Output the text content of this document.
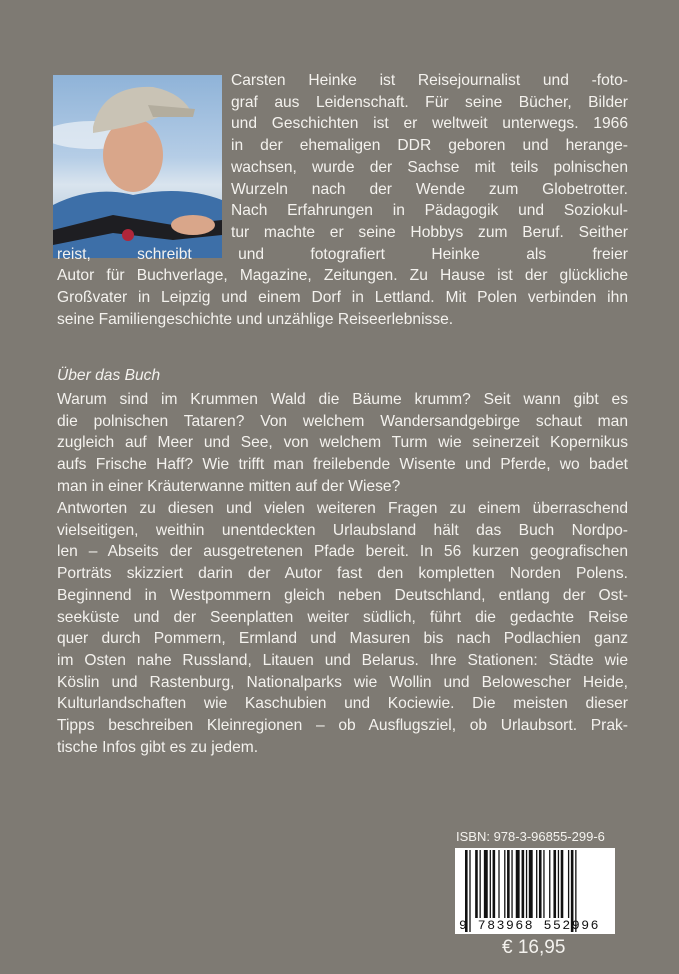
Carsten Heinke ist Reisejournalist und -foto-
graf aus Leidenschaft. Für seine Bücher, Bilder
und Geschichten ist er weltweit unterwegs. 1966
in der ehemaligen DDR geboren und herange-
wachsen, wurde der Sachse mit teils polnischen
Wurzeln nach der Wende zum Globetrotter.
Nach Erfahrungen in Pädagogik und Soziokul-
tur machte er seine Hobbys zum Beruf. Seither
reist, schreibt und fotografiert Heinke als freier
Autor für Buchverlage, Magazine, Zeitungen. Zu Hause ist der glückliche
Großvater in Leipzig und einem Dorf in Lettland. Mit Polen verbinden ihn
seine Familiengeschichte und unzählige Reiseerlebnisse.
Über das Buch
Warum sind im Krummen Wald die Bäume krumm? Seit wann gibt es
die polnischen Tataren? Von welchem Wandersandgebirge schaut man
zugleich auf Meer und See, von welchem Turm wie seinerzeit Kopernikus
aufs Frische Haff? Wie trifft man freilebende Wisente und Pferde, wo badet
man in einer Kräuterwanne mitten auf der Wiese?
Antworten zu diesen und vielen weiteren Fragen zu einem überraschend
vielseitigen, weithin unentdeckten Urlaubsland hält das Buch Nordpo-
len – Abseits der ausgetretenen Pfade bereit. In 56 kurzen geografischen
Porträts skizziert darin der Autor fast den kompletten Norden Polens.
Beginnend in Westpommern gleich neben Deutschland, entlang der Ost-
seeküste und der Seenplatten weiter südlich, führt die gedachte Reise
quer durch Pommern, Ermland und Masuren bis nach Podlachien ganz
im Osten nahe Russland, Litauen und Belarus. Ihre Stationen: Städte wie
Köslin und Rastenburg, Nationalparks wie Wollin und Belowescher Heide,
Kulturlandschaften wie Kaschubien und Kociewie. Die meisten dieser
Tipps beschreiben Kleinregionen – ob Ausflugsziel, ob Urlaubsort. Prak-
tische Infos gibt es zu jedem.
ISBN: 978-3-96855-299-6
9 783968 552996
€ 16,95
